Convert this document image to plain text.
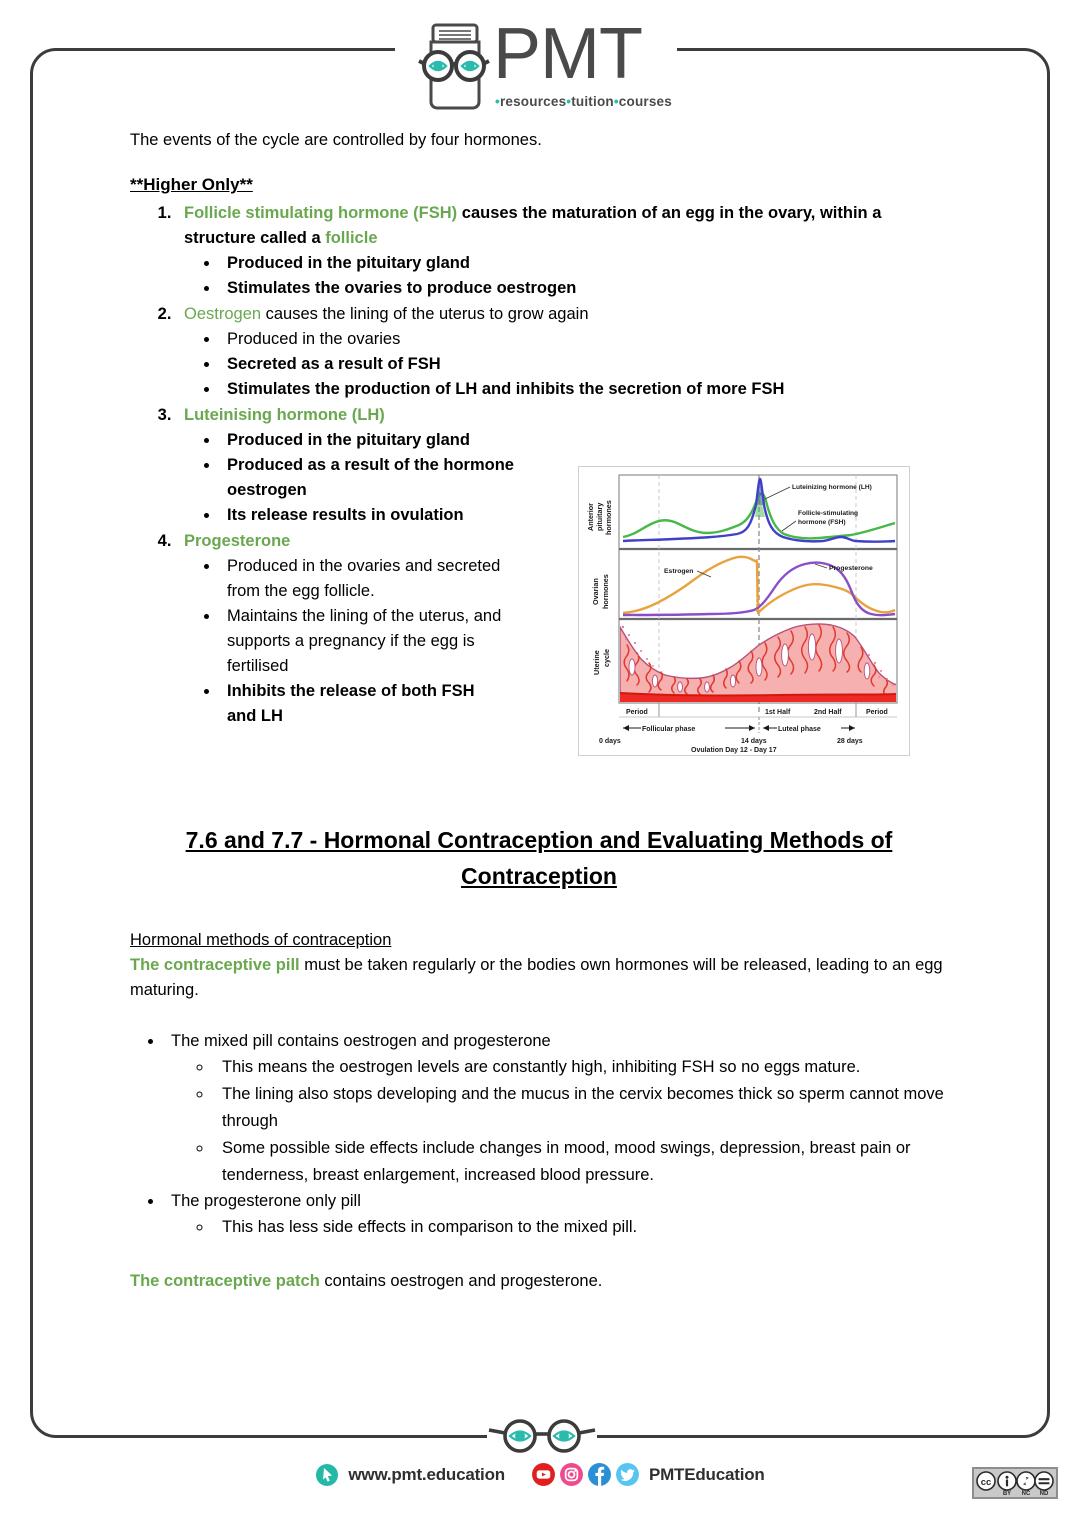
PMT
•resources•tuition•courses

The events of the cycle are controlled by four hormones.

**Higher Only**

1. Follicle stimulating hormone (FSH) causes the maturation of an egg in the ovary, within a structure called a follicle
• Produced in the pituitary gland
• Stimulates the ovaries to produce oestrogen
2. Oestrogen causes the lining of the uterus to grow again
• Produced in the ovaries
• Secreted as a result of FSH
• Stimulates the production of LH and inhibits the secretion of more FSH
3. Luteinising hormone (LH)
• Produced in the pituitary gland
• Produced as a result of the hormone oestrogen
• Its release results in ovulation
4. Progesterone
• Produced in the ovaries and secreted from the egg follicle.
• Maintains the lining of the uterus, and supports a pregnancy if the egg is fertilised
• Inhibits the release of both FSH and LH
7.6 and 7.7 - Hormonal Contraception and Evaluating Methods of Contraception

Hormonal methods of contraception

The contraceptive pill must be taken regularly or the bodies own hormones will be released, leading to an egg maturing.

• The mixed pill contains oestrogen and progesterone
◦ This means the oestrogen levels are constantly high, inhibiting FSH so no eggs mature.
◦ The lining also stops developing and the mucus in the cervix becomes thick so sperm cannot move through
◦ Some possible side effects include changes in mood, mood swings, depression, breast pain or tenderness, breast enlargement, increased blood pressure.
• The progesterone only pill
◦ This has less side effects in comparison to the mixed pill.

The contraceptive patch contains oestrogen and progesterone.

Anterior pituitary hormones
Ovarian hormones
Uterine cycle
Luteinizing hormone (LH)
Follicle-stimulating
hormone (FSH)
Estrogen	Progesterone
Period	1st Half	2nd Half	Period
Follicular phase	Luteal phase
0 days	14 days	28 days
Ovulation Day 12 - Day 17
www.pmt.education	PMTEducation	cc
BY NC ND
